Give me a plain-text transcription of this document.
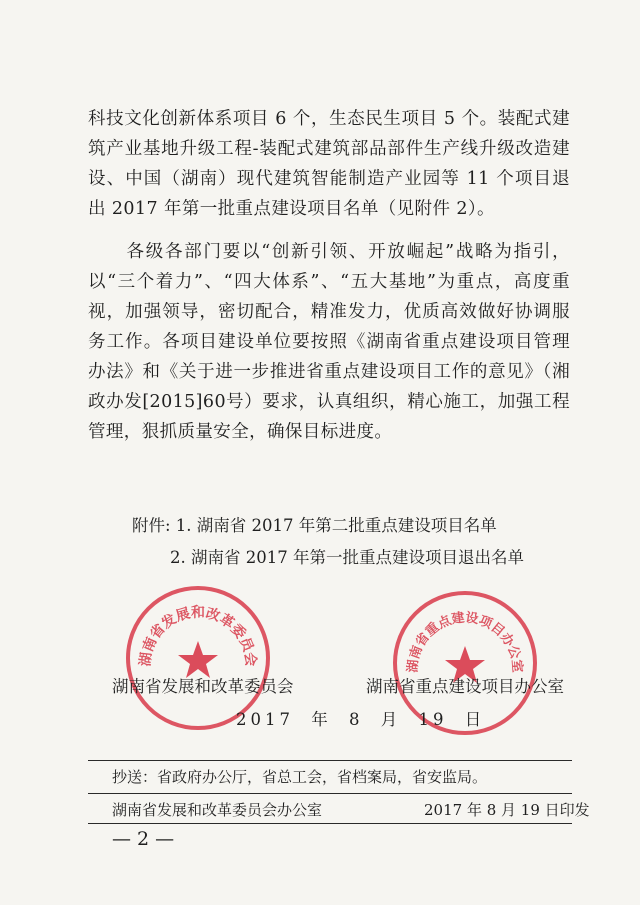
科技文化创新体系项目 6 个，生态民生项目 5 个。装配式建筑产业基地升级工程-装配式建筑部品部件生产线升级改造建设、中国（湖南）现代建筑智能制造产业园等 11 个项目退出 2017 年第一批重点建设项目名单（见附件 2）。

　　各级各部门要以“创新引领、开放崛起”战略为指引，以“三个着力”、“四大体系”、“五大基地”为重点，高度重视，加强领导，密切配合，精准发力，优质高效做好协调服务工作。各项目建设单位要按照《湖南省重点建设项目管理办法》和《关于进一步推进省重点建设项目工作的意见》（湘政办发[2015]60号）要求，认真组织，精心施工，加强工程管理，狠抓质量安全，确保目标进度。

附件: 1. 湖南省 2017 年第二批重点建设项目名单
2. 湖南省 2017 年第一批重点建设项目退出名单
湖南省发展和改革委员会	湖南省重点建设项目办公室
湖南省发展和改革委员会	湖南省重点建设项目办公室
2017 年 8 月 19 日
抄送：省政府办公厅，省总工会，省档案局，省安监局。
湖南省发展和改革委员会办公室	2017 年 8 月 19 日印发
— 2 —
